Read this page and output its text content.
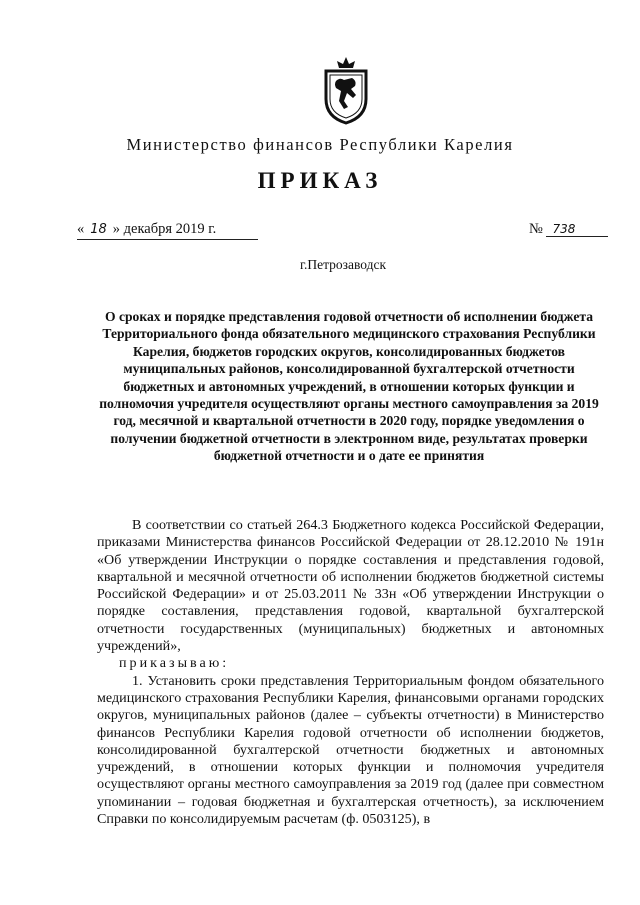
Министерство финансов Республики Карелия
ПРИКАЗ
« 18 » декабря 2019 г.	№ 738
г.Петрозаводск
О сроках и порядке представления годовой отчетности об исполнении бюджета Территориального фонда обязательного медицинского страхования Республики Карелия, бюджетов городских округов, консолидированных бюджетов муниципальных районов, консолидированной бухгалтерской отчетности бюджетных и автономных учреждений, в отношении которых функции и полномочия учредителя осуществляют органы местного самоуправления за 2019 год, месячной и квартальной отчетности в 2020 году, порядке уведомления о получении бюджетной отчетности в электронном виде, результатах проверки бюджетной отчетности и о дате ее принятия

В соответствии со статьей 264.3 Бюджетного кодекса Российской Федерации, приказами Министерства финансов Российской Федерации от 28.12.2010 № 191н «Об утверждении Инструкции о порядке составления и представления годовой, квартальной и месячной отчетности об исполнении бюджетов бюджетной системы Российской Федерации» и от 25.03.2011 № 33н «Об утверждении Инструкции о порядке составления, представления годовой, квартальной бухгалтерской отчетности государственных (муниципальных) бюджетных и автономных учреждений»,

приказываю:

1. Установить сроки представления Территориальным фондом обязательного медицинского страхования Республики Карелия, финансовыми органами городских округов, муниципальных районов (далее – субъекты отчетности) в Министерство финансов Республики Карелия годовой отчетности об исполнении бюджетов, консолидированной бухгалтерской отчетности бюджетных и автономных учреждений, в отношении которых функции и полномочия учредителя осуществляют органы местного самоуправления за 2019 год (далее при совместном упоминании – годовая бюджетная и бухгалтерская отчетность), за исключением Справки по консолидируемым расчетам (ф. 0503125), в
